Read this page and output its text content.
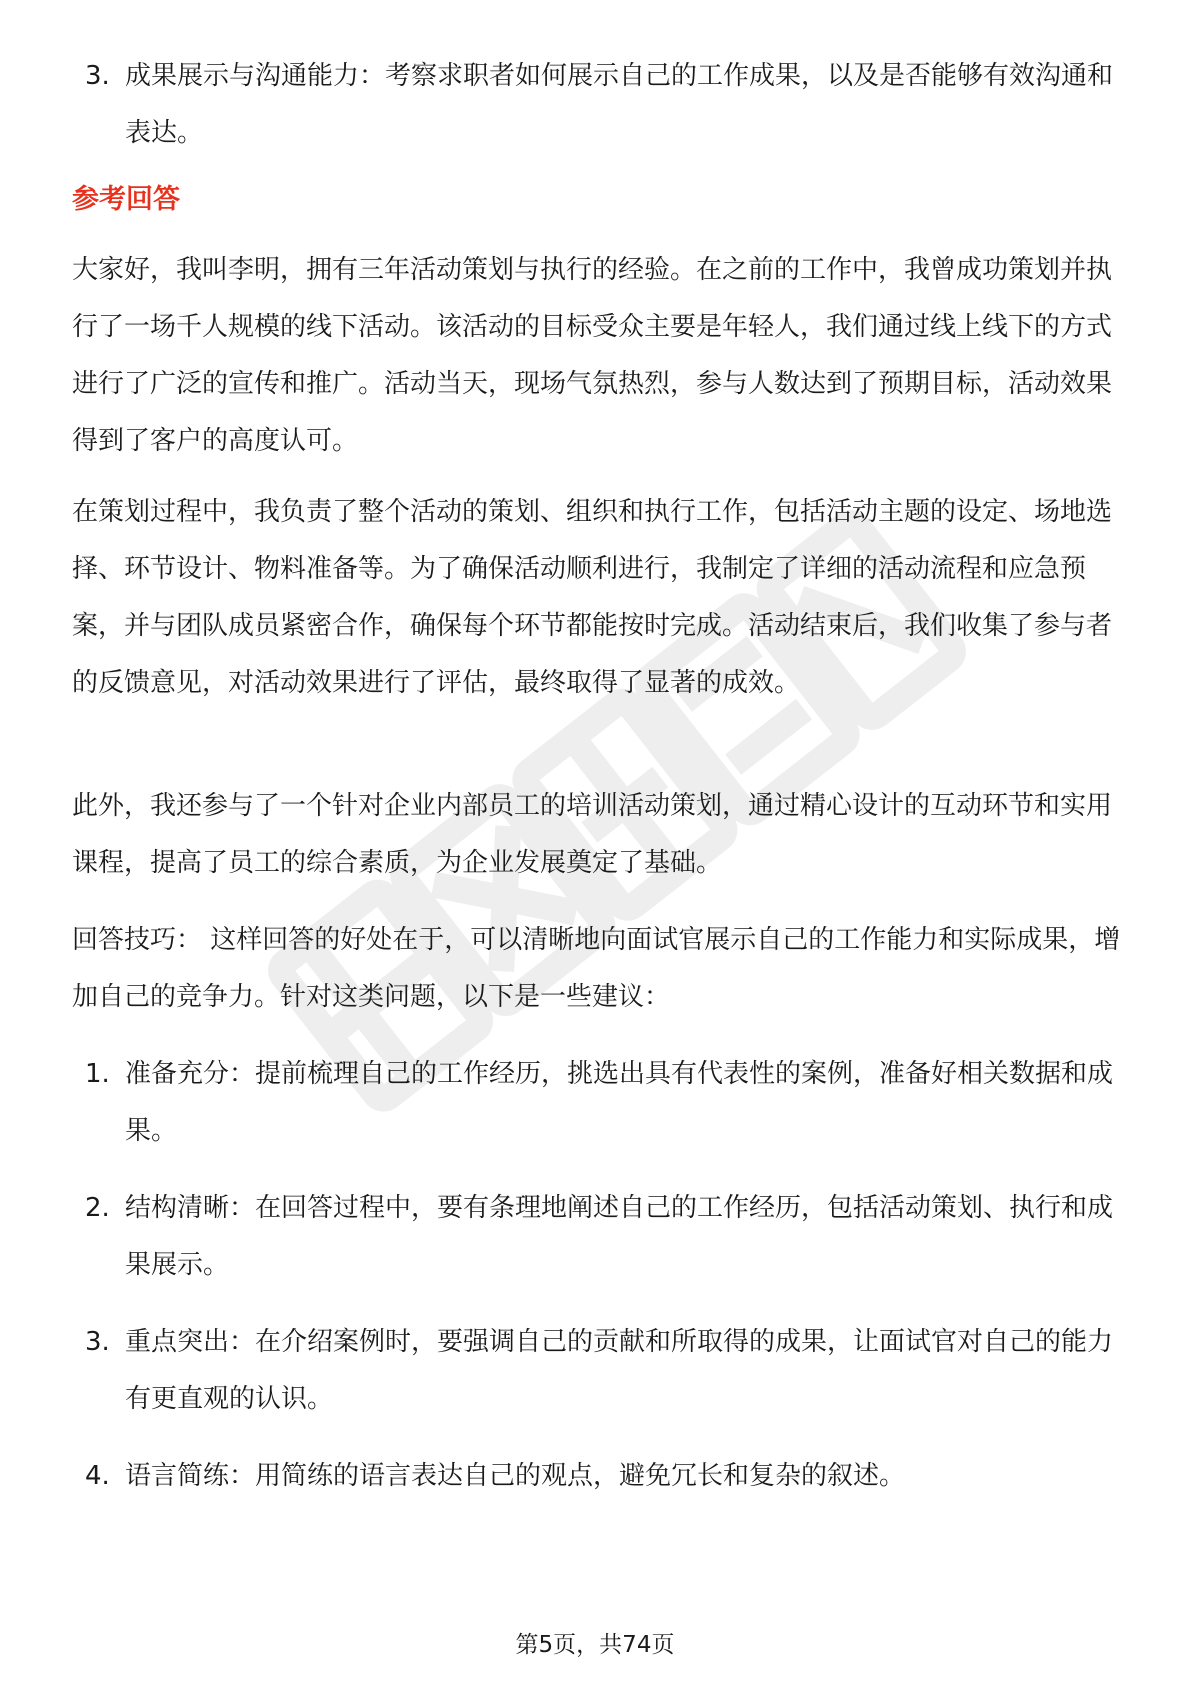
3. 成果展示与沟通能力：考察求职者如何展示自己的工作成果，以及是否能够有效沟通和表达。
参考回答
大家好，我叫李明，拥有三年活动策划与执行的经验。在之前的工作中，我曾成功策划并执行了一场千人规模的线下活动。该活动的目标受众主要是年轻人，我们通过线上线下的方式进行了广泛的宣传和推广。活动当天，现场气氛热烈，参与人数达到了预期目标，活动效果得到了客户的高度认可。
在策划过程中，我负责了整个活动的策划、组织和执行工作，包括活动主题的设定、场地选择、环节设计、物料准备等。为了确保活动顺利进行，我制定了详细的活动流程和应急预案，并与团队成员紧密合作，确保每个环节都能按时完成。活动结束后，我们收集了参与者的反馈意见，对活动效果进行了评估，最终取得了显著的成效。
此外，我还参与了一个针对企业内部员工的培训活动策划，通过精心设计的互动环节和实用课程，提高了员工的综合素质，为企业发展奠定了基础。
回答技巧： 这样回答的好处在于，可以清晰地向面试官展示自己的工作能力和实际成果，增加自己的竞争力。针对这类问题，以下是一些建议：
1. 准备充分：提前梳理自己的工作经历，挑选出具有代表性的案例，准备好相关数据和成果。
2. 结构清晰：在回答过程中，要有条理地阐述自己的工作经历，包括活动策划、执行和成果展示。
3. 重点突出：在介绍案例时，要强调自己的贡献和所取得的成果，让面试官对自己的能力有更直观的认识。
4. 语言简练：用简练的语言表达自己的观点，避免冗长和复杂的叙述。
第5页，共74页
